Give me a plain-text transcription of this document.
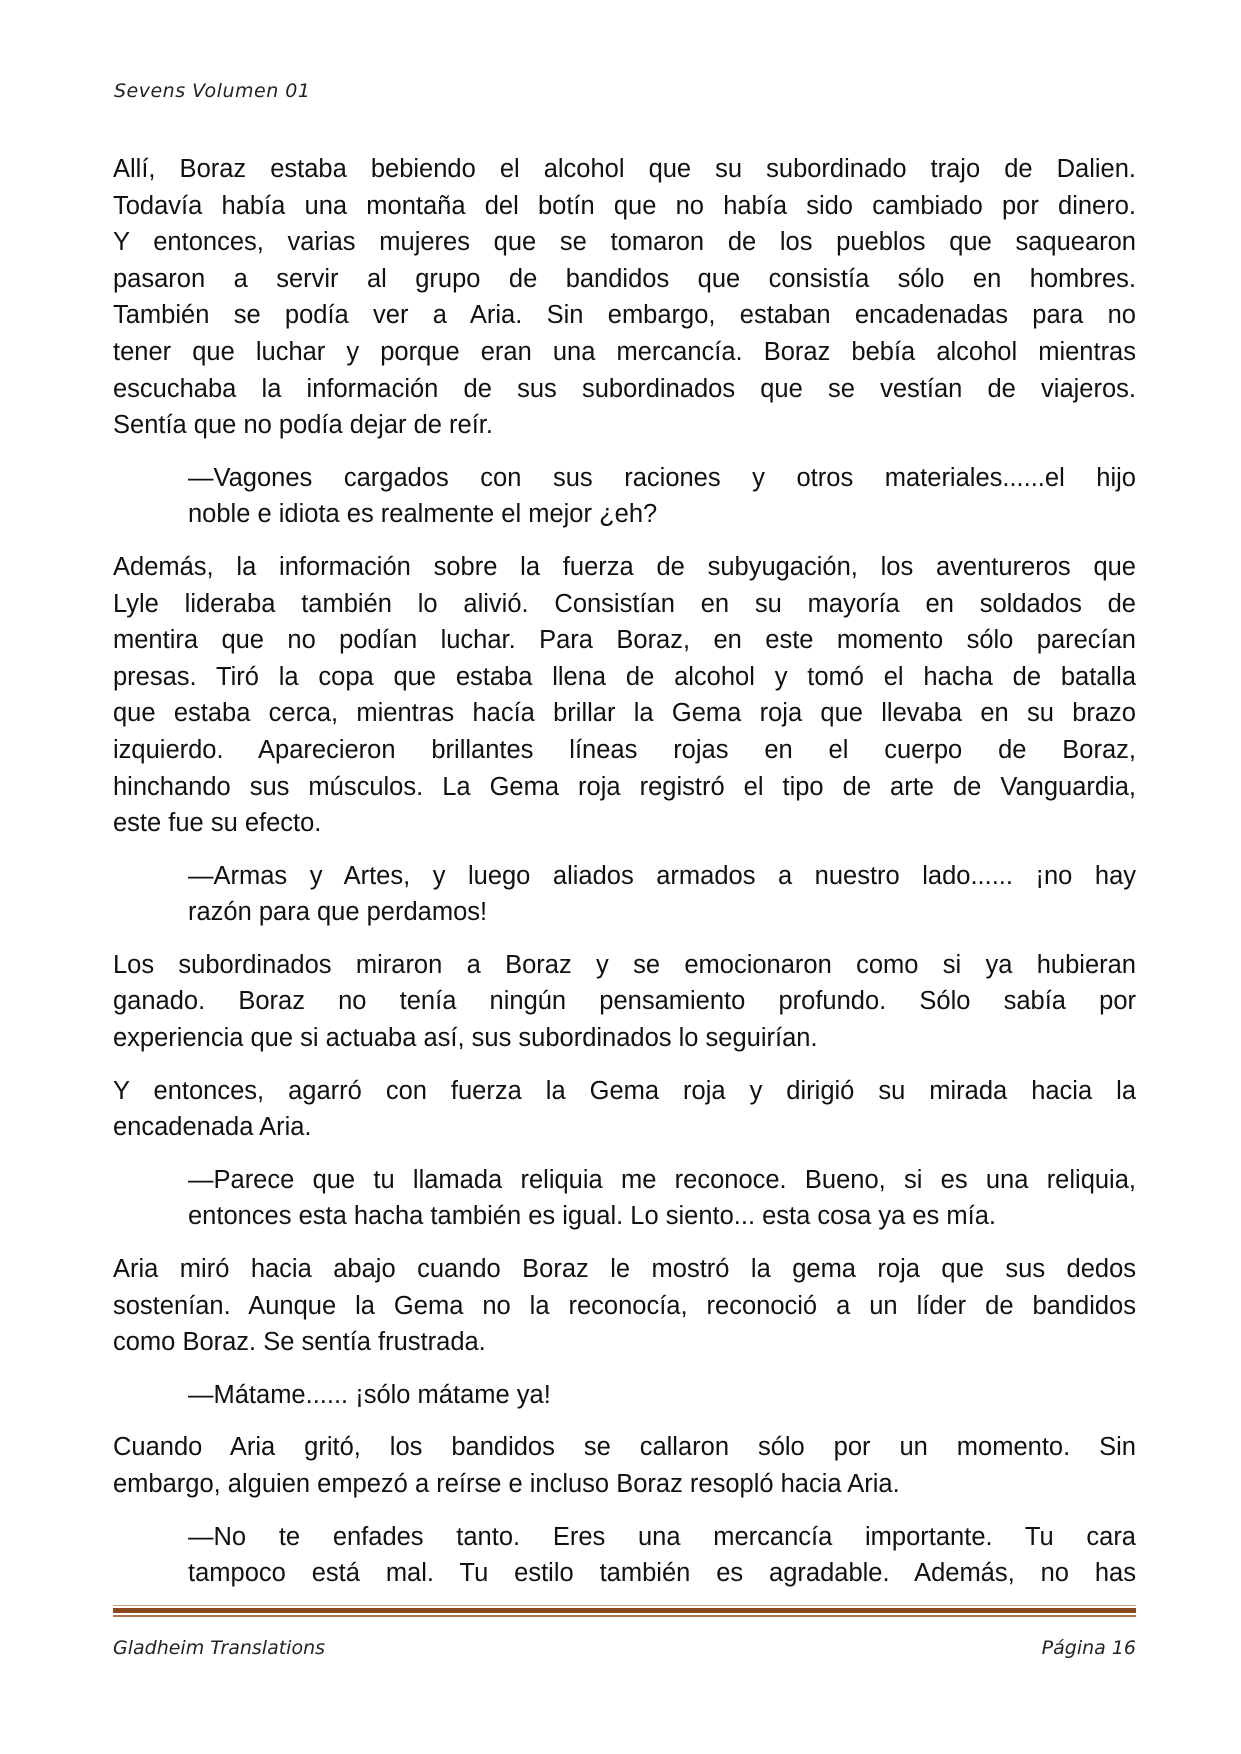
Sevens Volumen 01
Allí, Boraz estaba bebiendo el alcohol que su subordinado trajo de Dalien.
Todavía había una montaña del botín que no había sido cambiado por dinero.
Y entonces, varias mujeres que se tomaron de los pueblos que saquearon
pasaron a servir al grupo de bandidos que consistía sólo en hombres.
También se podía ver a Aria. Sin embargo, estaban encadenadas para no
tener que luchar y porque eran una mercancía. Boraz bebía alcohol mientras
escuchaba la información de sus subordinados que se vestían de viajeros.
Sentía que no podía dejar de reír.
—Vagones cargados con sus raciones y otros materiales......el hijo
noble e idiota es realmente el mejor ¿eh?
Además, la información sobre la fuerza de subyugación, los aventureros que
Lyle lideraba también lo alivió. Consistían en su mayoría en soldados de
mentira que no podían luchar. Para Boraz, en este momento sólo parecían
presas. Tiró la copa que estaba llena de alcohol y tomó el hacha de batalla
que estaba cerca, mientras hacía brillar la Gema roja que llevaba en su brazo
izquierdo. Aparecieron brillantes líneas rojas en el cuerpo de Boraz,
hinchando sus músculos. La Gema roja registró el tipo de arte de Vanguardia,
este fue su efecto.
—Armas y Artes, y luego aliados armados a nuestro lado...... ¡no hay
razón para que perdamos!
Los subordinados miraron a Boraz y se emocionaron como si ya hubieran
ganado. Boraz no tenía ningún pensamiento profundo. Sólo sabía por
experiencia que si actuaba así, sus subordinados lo seguirían.
Y entonces, agarró con fuerza la Gema roja y dirigió su mirada hacia la
encadenada Aria.
—Parece que tu llamada reliquia me reconoce. Bueno, si es una reliquia,
entonces esta hacha también es igual. Lo siento... esta cosa ya es mía.
Aria miró hacia abajo cuando Boraz le mostró la gema roja que sus dedos
sostenían. Aunque la Gema no la reconocía, reconoció a un líder de bandidos
como Boraz. Se sentía frustrada.
—Mátame...... ¡sólo mátame ya!
Cuando Aria gritó, los bandidos se callaron sólo por un momento. Sin
embargo, alguien empezó a reírse e incluso Boraz resopló hacia Aria.
—No te enfades tanto. Eres una mercancía importante. Tu cara
tampoco está mal. Tu estilo también es agradable. Además, no has
Gladheim Translations	Página 16
